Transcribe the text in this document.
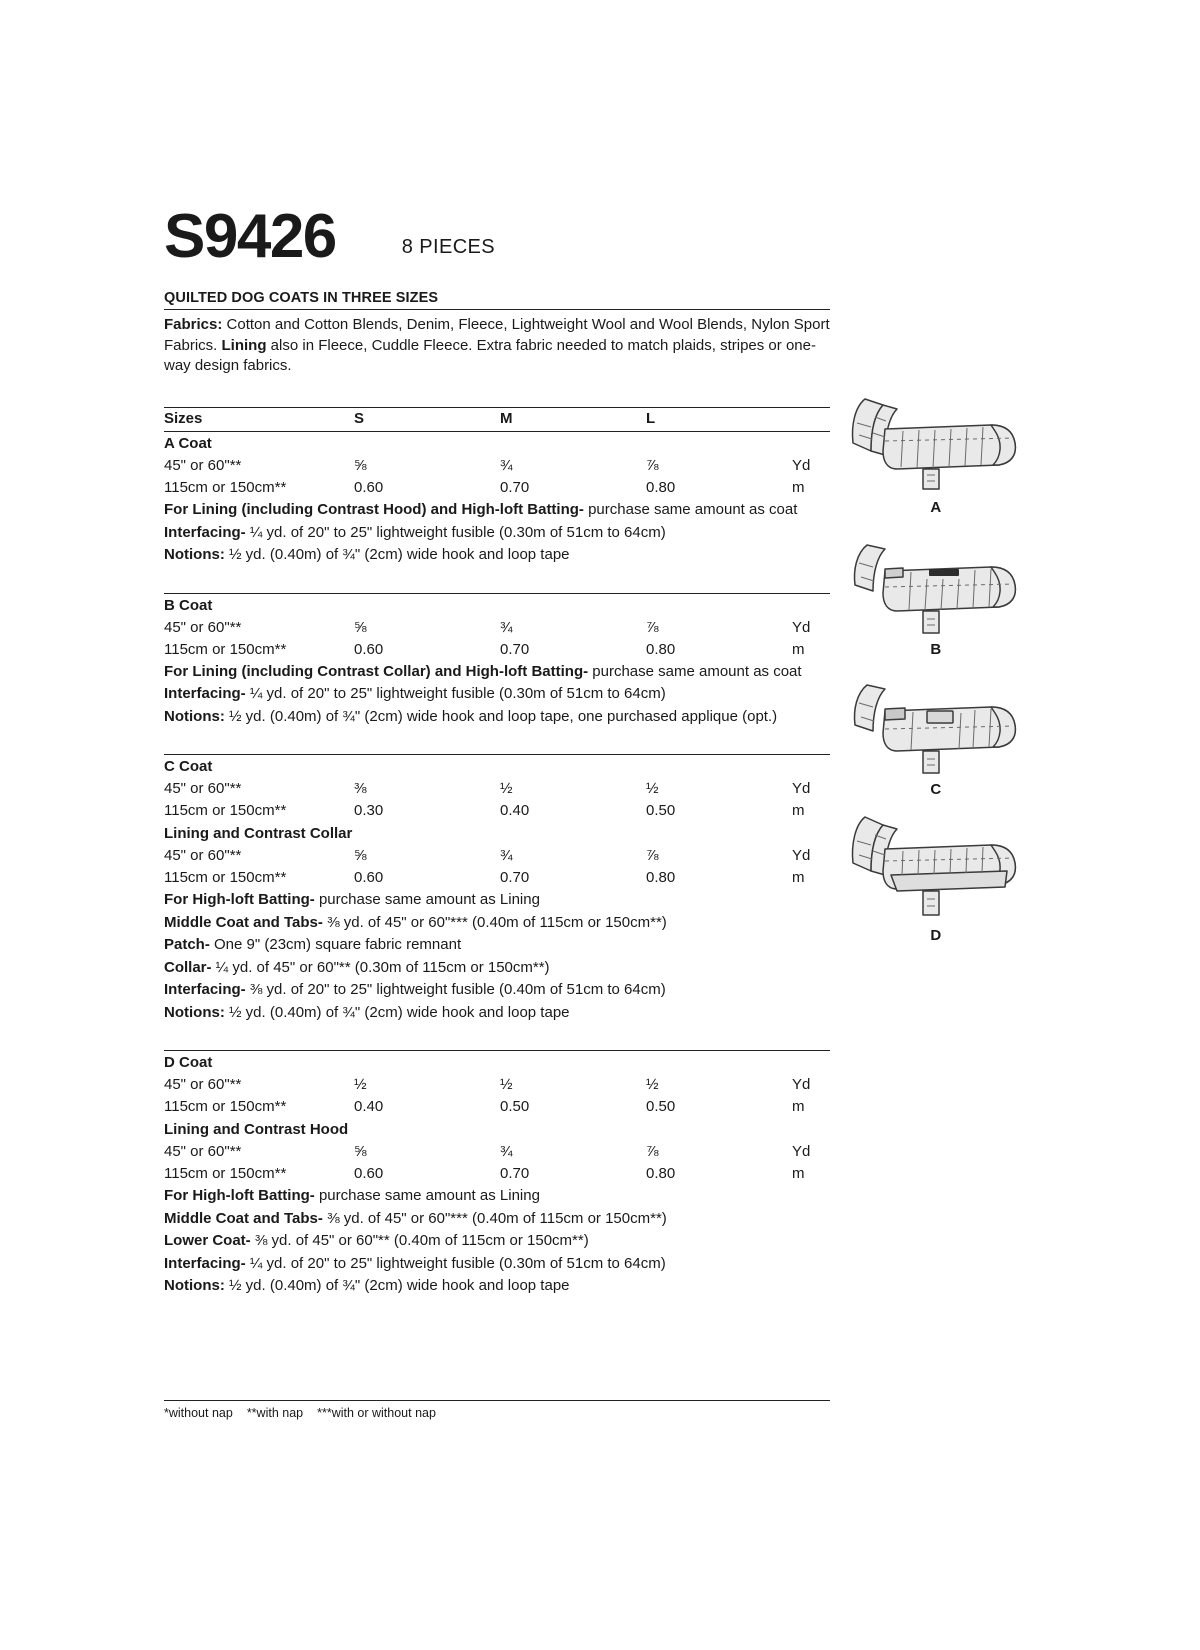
S9426	8 PIECES
QUILTED DOG COATS IN THREE SIZES
Fabrics: Cotton and Cotton Blends, Denim, Fleece, Lightweight Wool and Wool Blends, Nylon Sport Fabrics. Lining also in Fleece, Cuddle Fleece. Extra fabric needed to match plaids, stripes or one-way design fabrics.
Sizes	S	M	L
A Coat
45" or 60"**	⅝	¾	⅞	Yd
115cm or 150cm**	0.60	0.70	0.80	m
For Lining (including Contrast Hood) and High-loft Batting- purchase same amount as coat
Interfacing- ¼ yd. of 20" to 25" lightweight fusible (0.30m of 51cm to 64cm)
Notions: ½ yd. (0.40m) of ¾" (2cm) wide hook and loop tape
B Coat
45" or 60"**	⅝	¾	⅞	Yd
115cm or 150cm**	0.60	0.70	0.80	m
For Lining (including Contrast Collar) and High-loft Batting- purchase same amount as coat
Interfacing- ¼ yd. of 20" to 25" lightweight fusible (0.30m of 51cm to 64cm)
Notions: ½ yd. (0.40m) of ¾" (2cm) wide hook and loop tape, one purchased applique (opt.)
C Coat
45" or 60"**	⅜	½	½	Yd
115cm or 150cm**	0.30	0.40	0.50	m
Lining and Contrast Collar
45" or 60"**	⅝	¾	⅞	Yd
115cm or 150cm**	0.60	0.70	0.80	m
For High-loft Batting- purchase same amount as Lining
Middle Coat and Tabs- ⅜ yd. of 45" or 60"*** (0.40m of 115cm or 150cm**)
Patch- One 9" (23cm) square fabric remnant
Collar- ¼ yd. of 45" or 60"** (0.30m of 115cm or 150cm**)
Interfacing- ⅜ yd. of 20" to 25" lightweight fusible (0.40m of 51cm to 64cm)
Notions: ½ yd. (0.40m) of ¾" (2cm) wide hook and loop tape
D Coat
45" or 60"**	½	½	½	Yd
115cm or 150cm**	0.40	0.50	0.50	m
Lining and Contrast Hood
45" or 60"**	⅝	¾	⅞	Yd
115cm or 150cm**	0.60	0.70	0.80	m
For High-loft Batting- purchase same amount as Lining
Middle Coat and Tabs- ⅜ yd. of 45" or 60"*** (0.40m of 115cm or 150cm**)
Lower Coat- ⅜ yd. of 45" or 60"** (0.40m of 115cm or 150cm**)
Interfacing- ¼ yd. of 20" to 25" lightweight fusible (0.30m of 51cm to 64cm)
Notions: ½ yd. (0.40m) of ¾" (2cm) wide hook and loop tape
*without nap **with nap ***with or without nap
A
B
C
D
